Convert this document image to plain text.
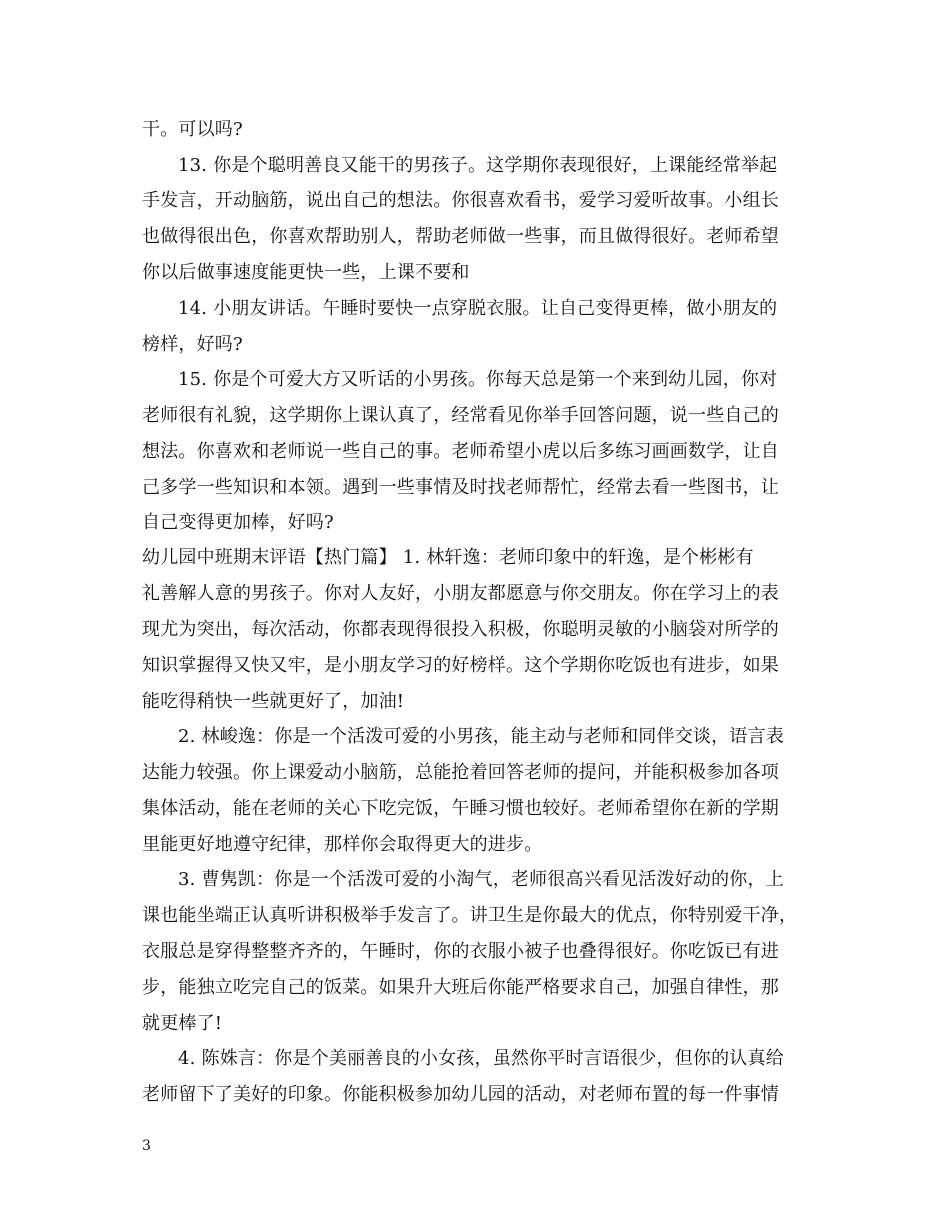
干。可以吗?
13. 你是个聪明善良又能干的男孩子。这学期你表现很好，上课能经常举起
手发言，开动脑筋，说出自己的想法。你很喜欢看书，爱学习爱听故事。小组长
也做得很出色，你喜欢帮助别人，帮助老师做一些事，而且做得很好。老师希望
你以后做事速度能更快一些，上课不要和
14. 小朋友讲话。午睡时要快一点穿脱衣服。让自己变得更棒，做小朋友的
榜样，好吗?
15. 你是个可爱大方又听话的小男孩。你每天总是第一个来到幼儿园，你对
老师很有礼貌，这学期你上课认真了，经常看见你举手回答问题，说一些自己的
想法。你喜欢和老师说一些自己的事。老师希望小虎以后多练习画画数学，让自
己多学一些知识和本领。遇到一些事情及时找老师帮忙，经常去看一些图书，让
自己变得更加棒，好吗?
幼儿园中班期末评语【热门篇】 1. 林轩逸：老师印象中的轩逸，是个彬彬有
礼善解人意的男孩子。你对人友好，小朋友都愿意与你交朋友。你在学习上的表
现尤为突出，每次活动，你都表现得很投入积极，你聪明灵敏的小脑袋对所学的
知识掌握得又快又牢，是小朋友学习的好榜样。这个学期你吃饭也有进步，如果
能吃得稍快一些就更好了，加油!
2. 林峻逸：你是一个活泼可爱的小男孩，能主动与老师和同伴交谈，语言表
达能力较强。你上课爱动小脑筋，总能抢着回答老师的提问，并能积极参加各项
集体活动，能在老师的关心下吃完饭，午睡习惯也较好。老师希望你在新的学期
里能更好地遵守纪律，那样你会取得更大的进步。
3. 曹隽凯：你是一个活泼可爱的小淘气，老师很高兴看见活泼好动的你，上
课也能坐端正认真听讲积极举手发言了。讲卫生是你最大的优点，你特别爱干净，
衣服总是穿得整整齐齐的，午睡时，你的衣服小被子也叠得很好。你吃饭已有进
步，能独立吃完自己的饭菜。如果升大班后你能严格要求自己，加强自律性，那
就更棒了!
4. 陈姝言：你是个美丽善良的小女孩，虽然你平时言语很少，但你的认真给
老师留下了美好的印象。你能积极参加幼儿园的活动，对老师布置的每一件事情
3
